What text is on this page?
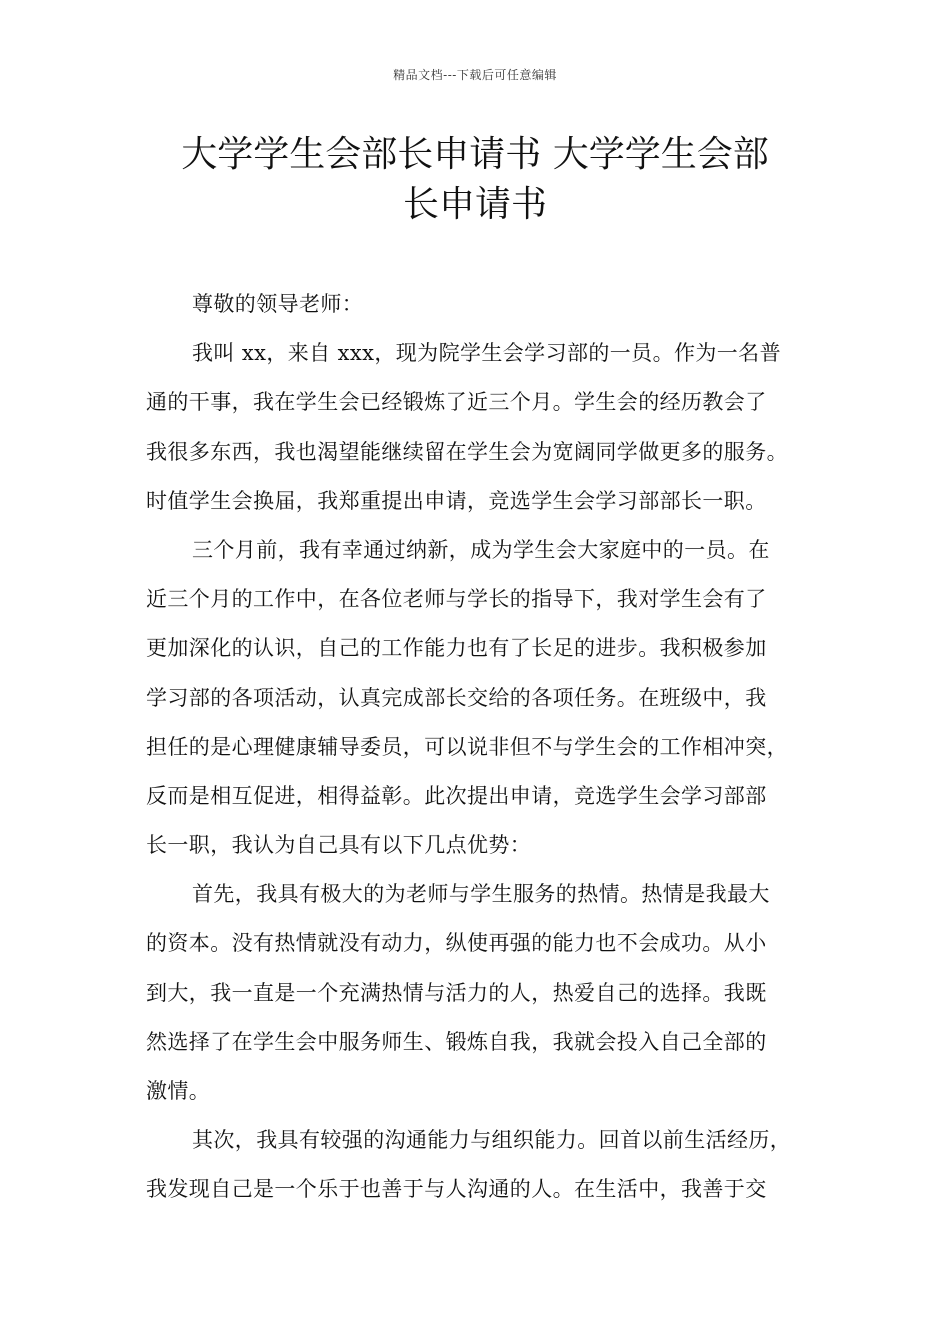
精品文档---下载后可任意编辑
大学学生会部长申请书 大学学生会部
长申请书
尊敬的领导老师：
我叫 xx，来自 xxx，现为院学生会学习部的一员。作为一名普
通的干事，我在学生会已经锻炼了近三个月。学生会的经历教会了
我很多东西，我也渴望能继续留在学生会为宽阔同学做更多的服务。
时值学生会换届，我郑重提出申请，竞选学生会学习部部长一职。
三个月前，我有幸通过纳新，成为学生会大家庭中的一员。在
近三个月的工作中，在各位老师与学长的指导下，我对学生会有了
更加深化的认识，自己的工作能力也有了长足的进步。我积极参加
学习部的各项活动，认真完成部长交给的各项任务。在班级中，我
担任的是心理健康辅导委员，可以说非但不与学生会的工作相冲突，
反而是相互促进，相得益彰。此次提出申请，竞选学生会学习部部
长一职，我认为自己具有以下几点优势：
首先，我具有极大的为老师与学生服务的热情。热情是我最大
的资本。没有热情就没有动力，纵使再强的能力也不会成功。从小
到大，我一直是一个充满热情与活力的人，热爱自己的选择。我既
然选择了在学生会中服务师生、锻炼自我，我就会投入自己全部的
激情。
其次，我具有较强的沟通能力与组织能力。回首以前生活经历，
我发现自己是一个乐于也善于与人沟通的人。在生活中，我善于交
